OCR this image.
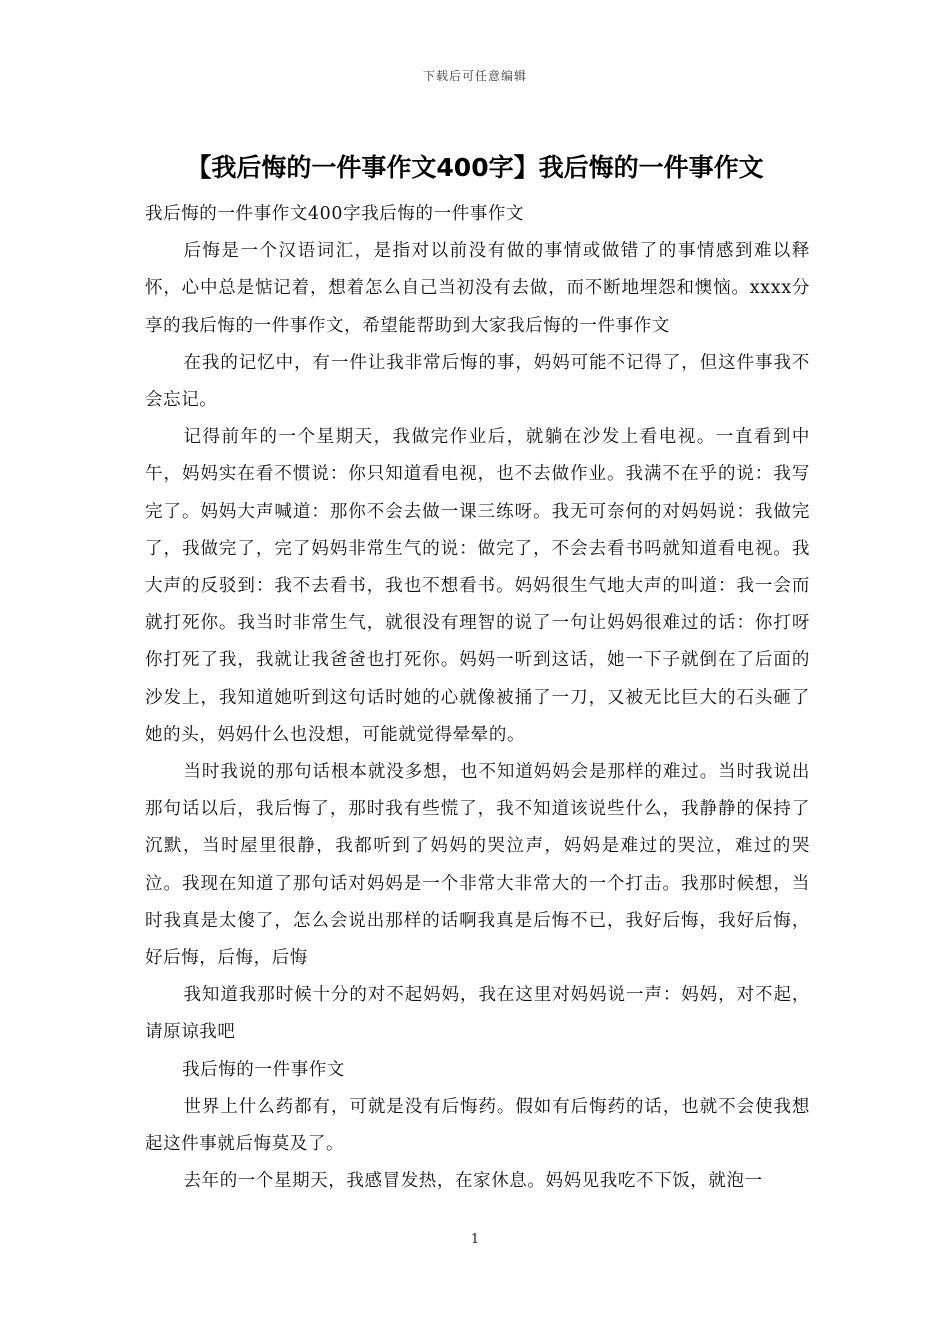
下载后可任意编辑
【我后悔的一件事作文400字】我后悔的一件事作文

我后悔的一件事作文400字我后悔的一件事作文

后悔是一个汉语词汇，是指对以前没有做的事情或做错了的事情感到难以释怀，心中总是惦记着，想着怎么自己当初没有去做，而不断地埋怨和懊恼。xxxx分享的我后悔的一件事作文，希望能帮助到大家我后悔的一件事作文

在我的记忆中，有一件让我非常后悔的事，妈妈可能不记得了，但这件事我不会忘记。

记得前年的一个星期天，我做完作业后，就躺在沙发上看电视。一直看到中午，妈妈实在看不惯说：你只知道看电视，也不去做作业。我满不在乎的说：我写完了。妈妈大声喊道：那你不会去做一课三练呀。我无可奈何的对妈妈说：我做完了，我做完了，完了妈妈非常生气的说：做完了，不会去看书吗就知道看电视。我大声的反驳到：我不去看书，我也不想看书。妈妈很生气地大声的叫道：我一会而就打死你。我当时非常生气，就很没有理智的说了一句让妈妈很难过的话：你打呀你打死了我，我就让我爸爸也打死你。妈妈一听到这话，她一下子就倒在了后面的沙发上，我知道她听到这句话时她的心就像被捅了一刀，又被无比巨大的石头砸了她的头，妈妈什么也没想，可能就觉得晕晕的。

当时我说的那句话根本就没多想，也不知道妈妈会是那样的难过。当时我说出那句话以后，我后悔了，那时我有些慌了，我不知道该说些什么，我静静的保持了沉默，当时屋里很静，我都听到了妈妈的哭泣声，妈妈是难过的哭泣，难过的哭泣。我现在知道了那句话对妈妈是一个非常大非常大的一个打击。我那时候想，当时我真是太傻了，怎么会说出那样的话啊我真是后悔不已，我好后悔，我好后悔，好后悔，后悔，后悔

我知道我那时候十分的对不起妈妈，我在这里对妈妈说一声：妈妈，对不起，请原谅我吧

我后悔的一件事作文

世界上什么药都有，可就是没有后悔药。假如有后悔药的话，也就不会使我想起这件事就后悔莫及了。

去年的一个星期天，我感冒发热，在家休息。妈妈见我吃不下饭，就泡一

1
